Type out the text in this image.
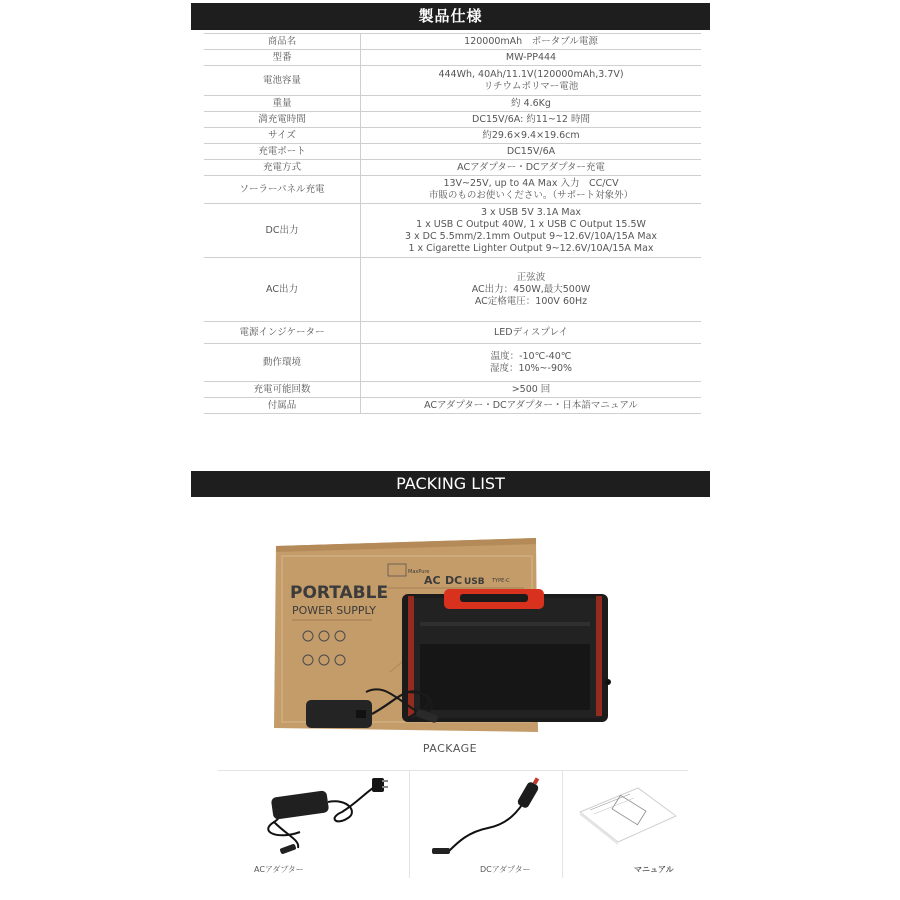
製品仕様
商品名	120000mAh　ポータブル電源

型番	MW-PP444

電池容量	444Wh, 40Ah/11.1V(120000mAh,3.7V)
リチウムポリマー電池

重量	約 4.6Kg

満充電時間	DC15V/6A: 約11~12 時間

サイズ	約29.6×9.4×19.6cm

充電ポート	DC15V/6A

充電方式	ACアダプター・DCアダプター充電

ソーラーパネル充電	13V~25V, up to 4A Max 入力　CC/CV
市販のものお使いください。（サポート対象外）

DC出力	3 x USB 5V 3.1A Max
1 x USB C Output 40W, 1 x USB C Output 15.5W
3 x DC 5.5mm/2.1mm Output 9~12.6V/10A/15A Max
1 x Cigarette Lighter Output 9~12.6V/10A/15A Max

AC出力	正弦波
AC出力：450W,最大500W
AC定格電圧：100V 60Hz

電源インジケーター	LEDディスプレイ

動作環境	温度：-10℃-40℃
湿度：10%~-90%

充電可能回数	>500 回

付属品	ACアダプター・DCアダプター・日本語マニュアル
PACKING LIST
PORTABLE
POWER SUPPLY
MaxPure
AC DC USB TYPE-C
PACKAGE
ACアダプター	DCアダプター	マニュアル
